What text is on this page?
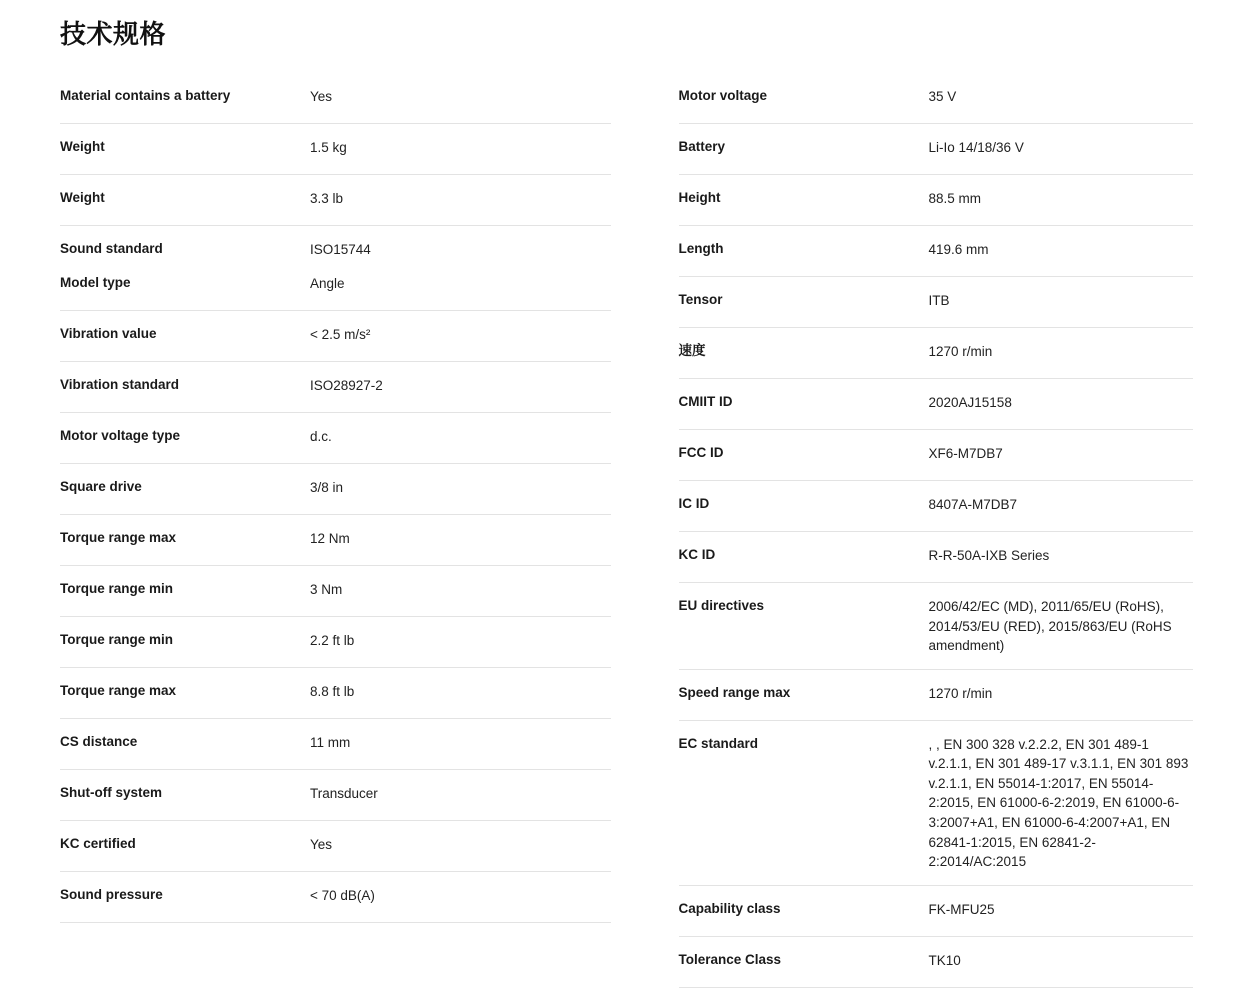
技术规格
Material contains a battery	Yes
Weight	1.5 kg
Weight	3.3 lb
Sound standard	ISO15744
Model type	Angle
Vibration value	< 2.5 m/s²
Vibration standard	ISO28927-2
Motor voltage type	d.c.
Square drive	3/8 in
Torque range max	12 Nm
Torque range min	3 Nm
Torque range min	2.2 ft lb
Torque range max	8.8 ft lb
CS distance	11 mm
Shut-off system	Transducer
KC certified	Yes
Sound pressure	< 70 dB(A)
Motor voltage	35 V
Battery	Li-Io 14/18/36 V
Height	88.5 mm
Length	419.6 mm
Tensor	ITB
速度	1270 r/min
CMIIT ID	2020AJ15158
FCC ID	XF6-M7DB7
IC ID	8407A-M7DB7
KC ID	R-R-50A-IXB Series
EU directives	2006/42/EC (MD), 2011/65/EU (RoHS), 2014/53/EU (RED), 2015/863/EU (RoHS amendment)
Speed range max	1270 r/min
EC standard	, , EN 300 328 v.2.2.2, EN 301 489-1 v.2.1.1, EN 301 489-17 v.3.1.1, EN 301 893 v.2.1.1, EN 55014-1:2017, EN 55014-2:2015, EN 61000-6-2:2019, EN 61000-6-3:2007+A1, EN 61000-6-4:2007+A1, EN 62841-1:2015, EN 62841-2-2:2014/AC:2015
Capability class	FK-MFU25
Tolerance Class	TK10
